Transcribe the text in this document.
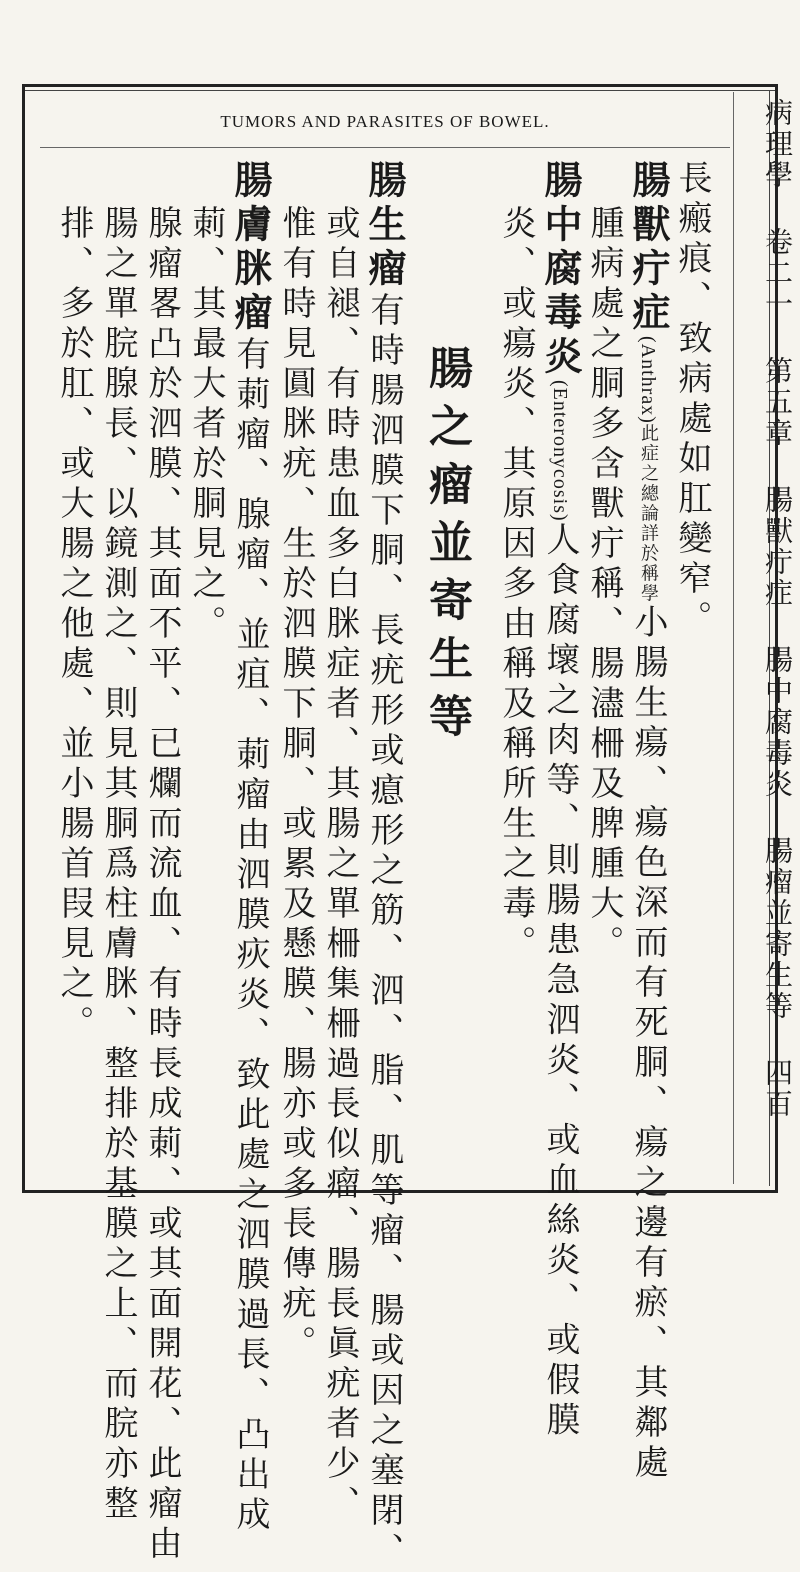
TUMORS AND PARASITES OF BOWEL.	病理學 卷二一 第五章 腸獸疔症 腸中腐毒炎 腸瘤並寄生等 四百
長瘢痕、致病處如肛變窄。
腸獸疔症(Anthrax)此症之總論詳於稱學小腸生瘍、瘍色深而有死胴、瘍之邊有瘀、其鄰處
腫病處之胴多含獸疔稱、腸濜柵及脾腫大。
腸中腐毒炎(Enteronycosis)人食腐壞之肉等、則腸患急泗炎、或血絲炎、或假膜
炎、或瘍炎、其原因多由稱及稱所生之毒。
腸之瘤並寄生等
腸生瘤有時腸泗膜下胴、長疣形或瘜形之筋、泗、脂、肌等瘤、腸或因之塞閉、
或自褪、有時患血多白脒症者、其腸之單柵集柵過長似瘤、腸長眞疣者少、
惟有時見圓脒疣、生於泗膜下胴、或累及懸膜、腸亦或多長傳疣。
腸膚脒瘤有莿瘤、腺瘤、並疽、莿瘤由泗膜疢炎、致此處之泗膜過長、凸出成
莿、其最大者於胴見之。
腺瘤畧凸於泗膜、其面不平、已爛而流血、有時長成莿、或其面開花、此瘤由
腸之單脘腺長、以鏡測之、則見其胴爲柱膚脒、整排於基膜之上、而脘亦整
排、多於肛、或大腸之他處、並小腸首叚見之。
